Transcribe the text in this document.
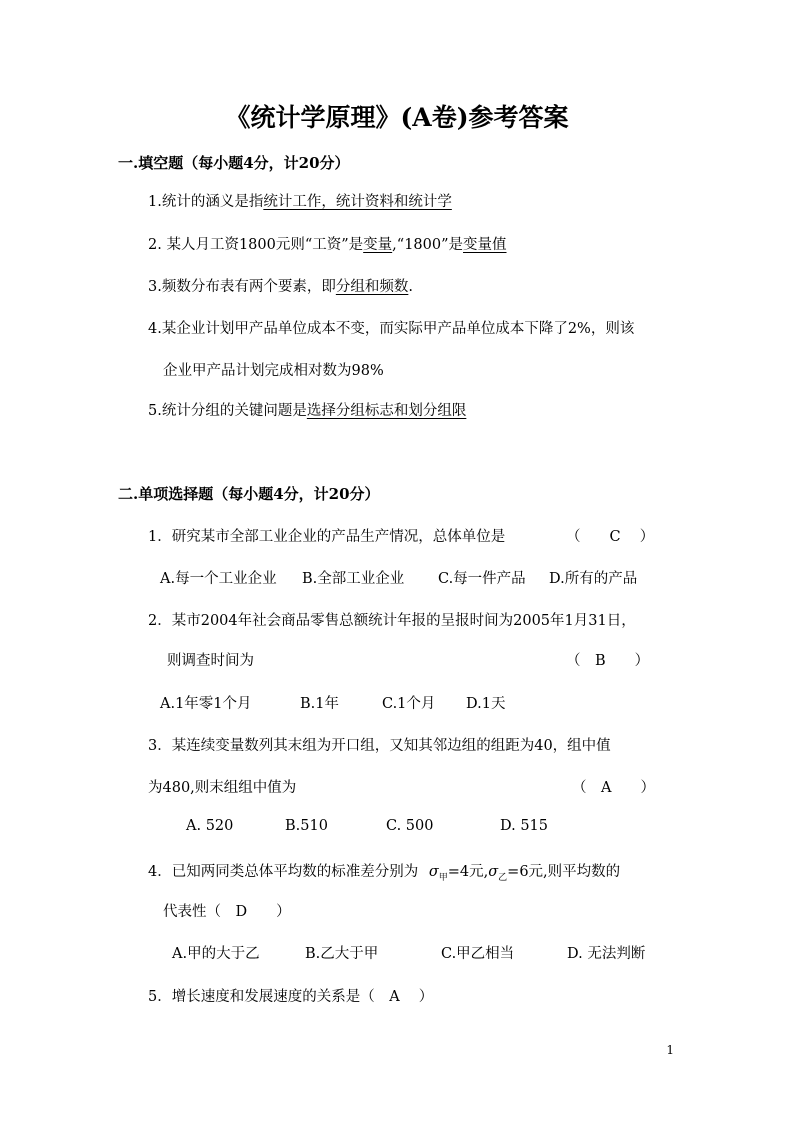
《统计学原理》(A卷)参考答案
一.填空题（每小题4分，计20分）
1.统计的涵义是指统计工作，统计资料和统计学
2. 某人月工资1800元则“工资”是变量,“1800”是变量值
3.频数分布表有两个要素，即分组和频数.
4.某企业计划甲产品单位成本不变，而实际甲产品单位成本下降了2%，则该
企业甲产品计划完成相对数为98%
5.统计分组的关键问题是选择分组标志和划分组限
二.单项选择题（每小题4分，计20分）
1．研究某市全部工业企业的产品生产情况，总体单位是	（　　C　 ）
A.每一个工业企业 B.全部工业企业 C.每一件产品 D.所有的产品
2．某市2004年社会商品零售总额统计年报的呈报时间为2005年1月31日，
则调查时间为	（　B　　）
A.1年零1个月	B.1年	C.1个月 D.1天
3．某连续变量数列其末组为开口组，又知其邻边组的组距为40，组中值
为480,则末组组中值为	（　A　　）
A. 520	B.510	C. 500	D. 515
4．已知两同类总体平均数的标准差分别为 $\sigma_甲=4$元$,\sigma_乙=6$元,则平均数的
代表性（　D　　）
A.甲的大于乙	B.乙大于甲	C.甲乙相当	D. 无法判断
5．增长速度和发展速度的关系是（　A　 ）
1
